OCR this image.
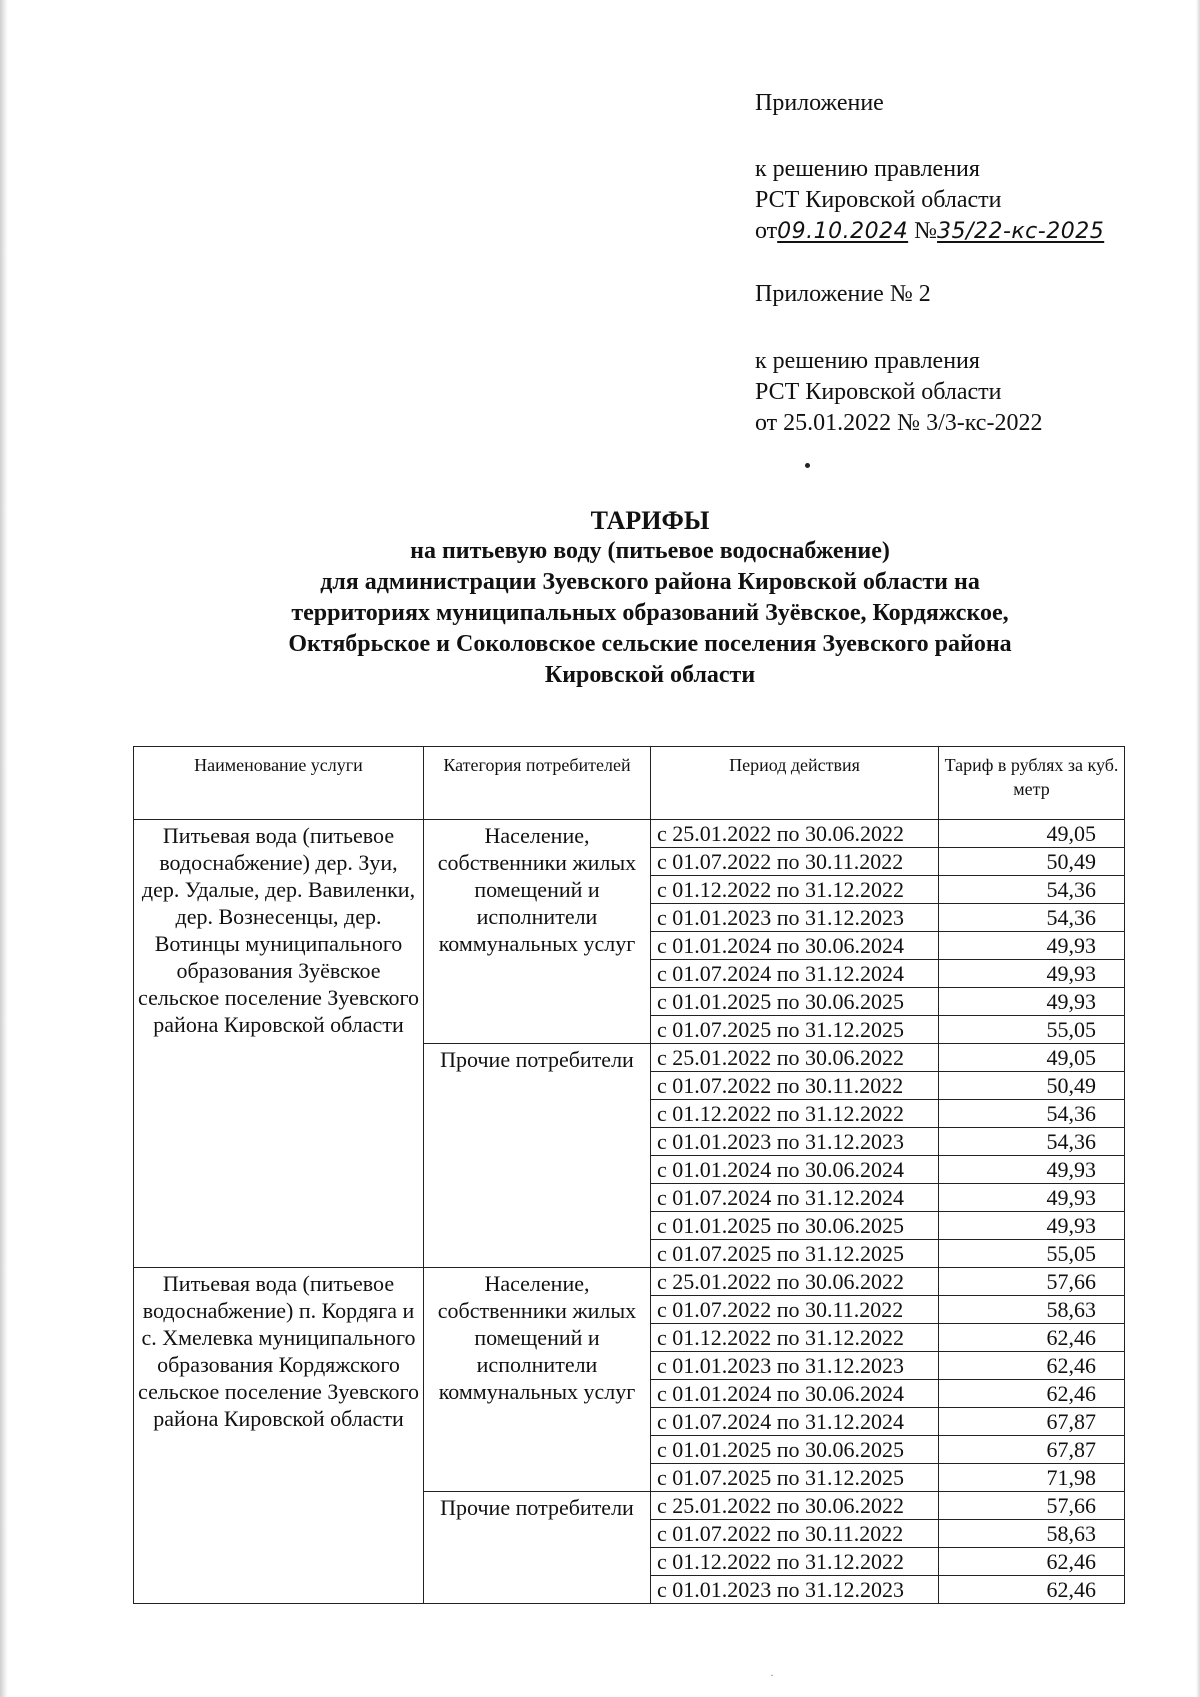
Приложение
к решению правления
РСТ Кировской области
от09.10.2024 №35/22-кс-2025
Приложение № 2
к решению правления
РСТ Кировской области
от 25.01.2022 № 3/3-кс-2022
ТАРИФЫ
на питьевую воду (питьевое водоснабжение)
для администрации Зуевского района Кировской области на
территориях муниципальных образований Зуёвское, Кордяжское,
Октябрьское и Соколовское сельские поселения Зуевского района
Кировской области
Наименование услуги	Категория потребителей	Период действия	Тариф в рублях за куб. метр
Питьевая вода (питьевое водоснабжение) дер. Зуи, дер. Удалые, дер. Вавиленки, дер. Вознесенцы, дер. Вотинцы муниципального образования Зуёвское сельское поселение Зуевского района Кировской области	Население, собственники жилых помещений и исполнители коммунальных услуг	с 25.01.2022 по 30.06.2022	49,05
		с 01.07.2022 по 30.11.2022	50,49
		с 01.12.2022 по 31.12.2022	54,36
		с 01.01.2023 по 31.12.2023	54,36
		с 01.01.2024 по 30.06.2024	49,93
		с 01.07.2024 по 31.12.2024	49,93
		с 01.01.2025 по 30.06.2025	49,93
		с 01.07.2025 по 31.12.2025	55,05
	Прочие потребители	с 25.01.2022 по 30.06.2022	49,05
		с 01.07.2022 по 30.11.2022	50,49
		с 01.12.2022 по 31.12.2022	54,36
		с 01.01.2023 по 31.12.2023	54,36
		с 01.01.2024 по 30.06.2024	49,93
		с 01.07.2024 по 31.12.2024	49,93
		с 01.01.2025 по 30.06.2025	49,93
		с 01.07.2025 по 31.12.2025	55,05
Питьевая вода (питьевое водоснабжение) п. Кордяга и с. Хмелевка муниципального образования Кордяжского сельское поселение Зуевского района Кировской области	Население, собственники жилых помещений и исполнители коммунальных услуг	с 25.01.2022 по 30.06.2022	57,66
		с 01.07.2022 по 30.11.2022	58,63
		с 01.12.2022 по 31.12.2022	62,46
		с 01.01.2023 по 31.12.2023	62,46
		с 01.01.2024 по 30.06.2024	62,46
		с 01.07.2024 по 31.12.2024	67,87
		с 01.01.2025 по 30.06.2025	67,87
		с 01.07.2025 по 31.12.2025	71,98
	Прочие потребители	с 25.01.2022 по 30.06.2022	57,66
		с 01.07.2022 по 30.11.2022	58,63
		с 01.12.2022 по 31.12.2022	62,46
		с 01.01.2023 по 31.12.2023	62,46
·
